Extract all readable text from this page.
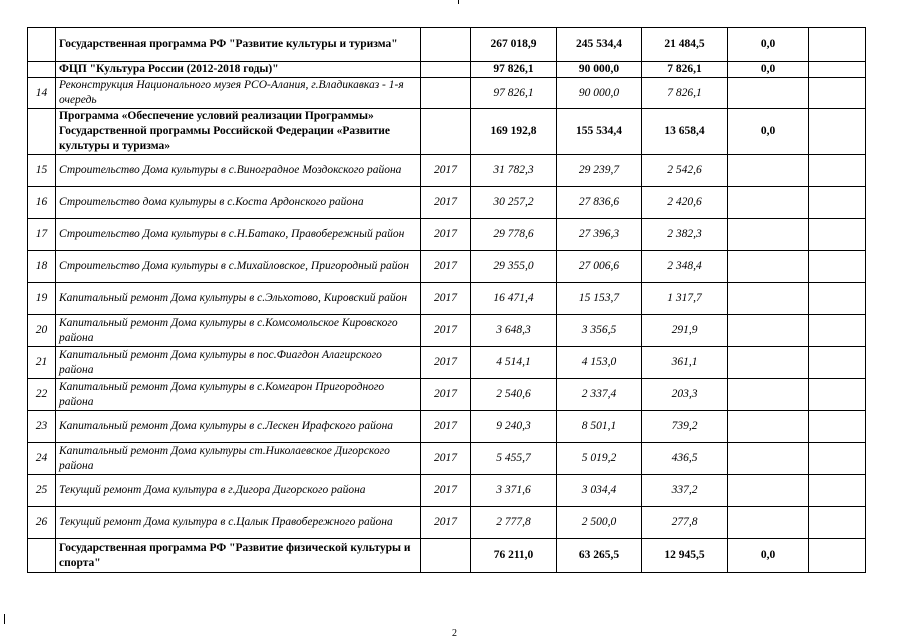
	Государственная программа РФ "Развитие культуры и туризма"		267 018,9	245 534,4	21 484,5	0,0	
	ФЦП "Культура России (2012-2018 годы)"		97 826,1	90 000,0	7 826,1	0,0	
14	Реконструкция Национального музея РСО-Алания, г.Владикавказ - 1-я очередь		97 826,1	90 000,0	7 826,1		
	Программа «Обеспечение условий реализации Программы» Государственной программы Российской Федерации «Развитие культуры и туризма»		169 192,8	155 534,4	13 658,4	0,0	
15	Строительство Дома культуры в с.Виноградное Моздокского района	2017	31 782,3	29 239,7	2 542,6		
16	Строительство дома культуры в с.Коста Ардонского района	2017	30 257,2	27 836,6	2 420,6		
17	Строительство Дома культуры в с.Н.Батако, Правобережный район	2017	29 778,6	27 396,3	2 382,3		
18	Строительство Дома культуры в с.Михайловское, Пригородный район	2017	29 355,0	27 006,6	2 348,4		
19	Капитальный ремонт Дома культуры в с.Эльхотово, Кировский район	2017	16 471,4	15 153,7	1 317,7		
20	Капитальный ремонт Дома культуры в с.Комсомольское Кировского района	2017	3 648,3	3 356,5	291,9		
21	Капитальный ремонт Дома культуры в пос.Фиагдон Алагирского района	2017	4 514,1	4 153,0	361,1		
22	Капитальный ремонт Дома культуры в с.Комгарон Пригородного района	2017	2 540,6	2 337,4	203,3		
23	Капитальный ремонт Дома культуры в с.Лескен Ирафского района	2017	9 240,3	8 501,1	739,2		
24	Капитальный ремонт Дома культуры ст.Николаевское Дигорского района	2017	5 455,7	5 019,2	436,5		
25	Текущий ремонт Дома культура в г.Дигора Дигорского района	2017	3 371,6	3 034,4	337,2		
26	Текущий ремонт Дома культура в с.Цалык Правобережного района	2017	2 777,8	2 500,0	277,8		
	Государственная программа РФ "Развитие физической культуры и спорта"		76 211,0	63 265,5	12 945,5	0,0	
2
